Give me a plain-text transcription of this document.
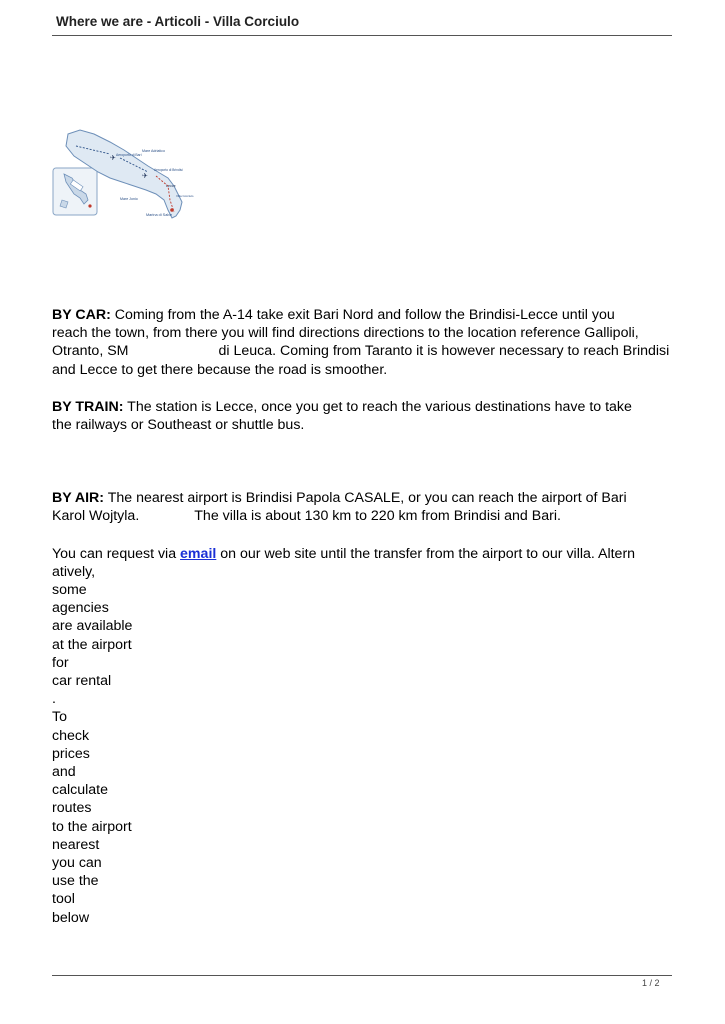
Where we are - Articoli - Villa Corciulo
✈
✈
Aeroporto di Bari
Mare Adriatico
Aeroporto di Brindisi
Lecce
Villa Corciulo
Mare Jonio
Marina di Salve

BY CAR: Coming from the A-14 take exit Bari Nord and follow the Brindisi-Lecce until you
reach the town, from there you will find directions directions to the location reference Gallipoli,
Otranto, SM	di Leuca. Coming from Taranto it is however necessary to reach Brindisi
and Lecce to get there because the road is smoother.

BY TRAIN: The station is Lecce, once you get to reach the various destinations have to take
the railways or Southeast or shuttle bus.

BY AIR: The nearest airport is Brindisi Papola CASALE, or you can reach the airport of Bari
Karol Wojtyla.	The villa is about 130 km to 220 km from Brindisi and Bari.

You can request via email on our web site until the transfer from the airport to our villa. Altern

atively,
some
agencies
are available
at the airport
for
car rental
.
To
check
prices
and
calculate
routes
to the airport
nearest
you can
use the
tool
below
1 / 2
